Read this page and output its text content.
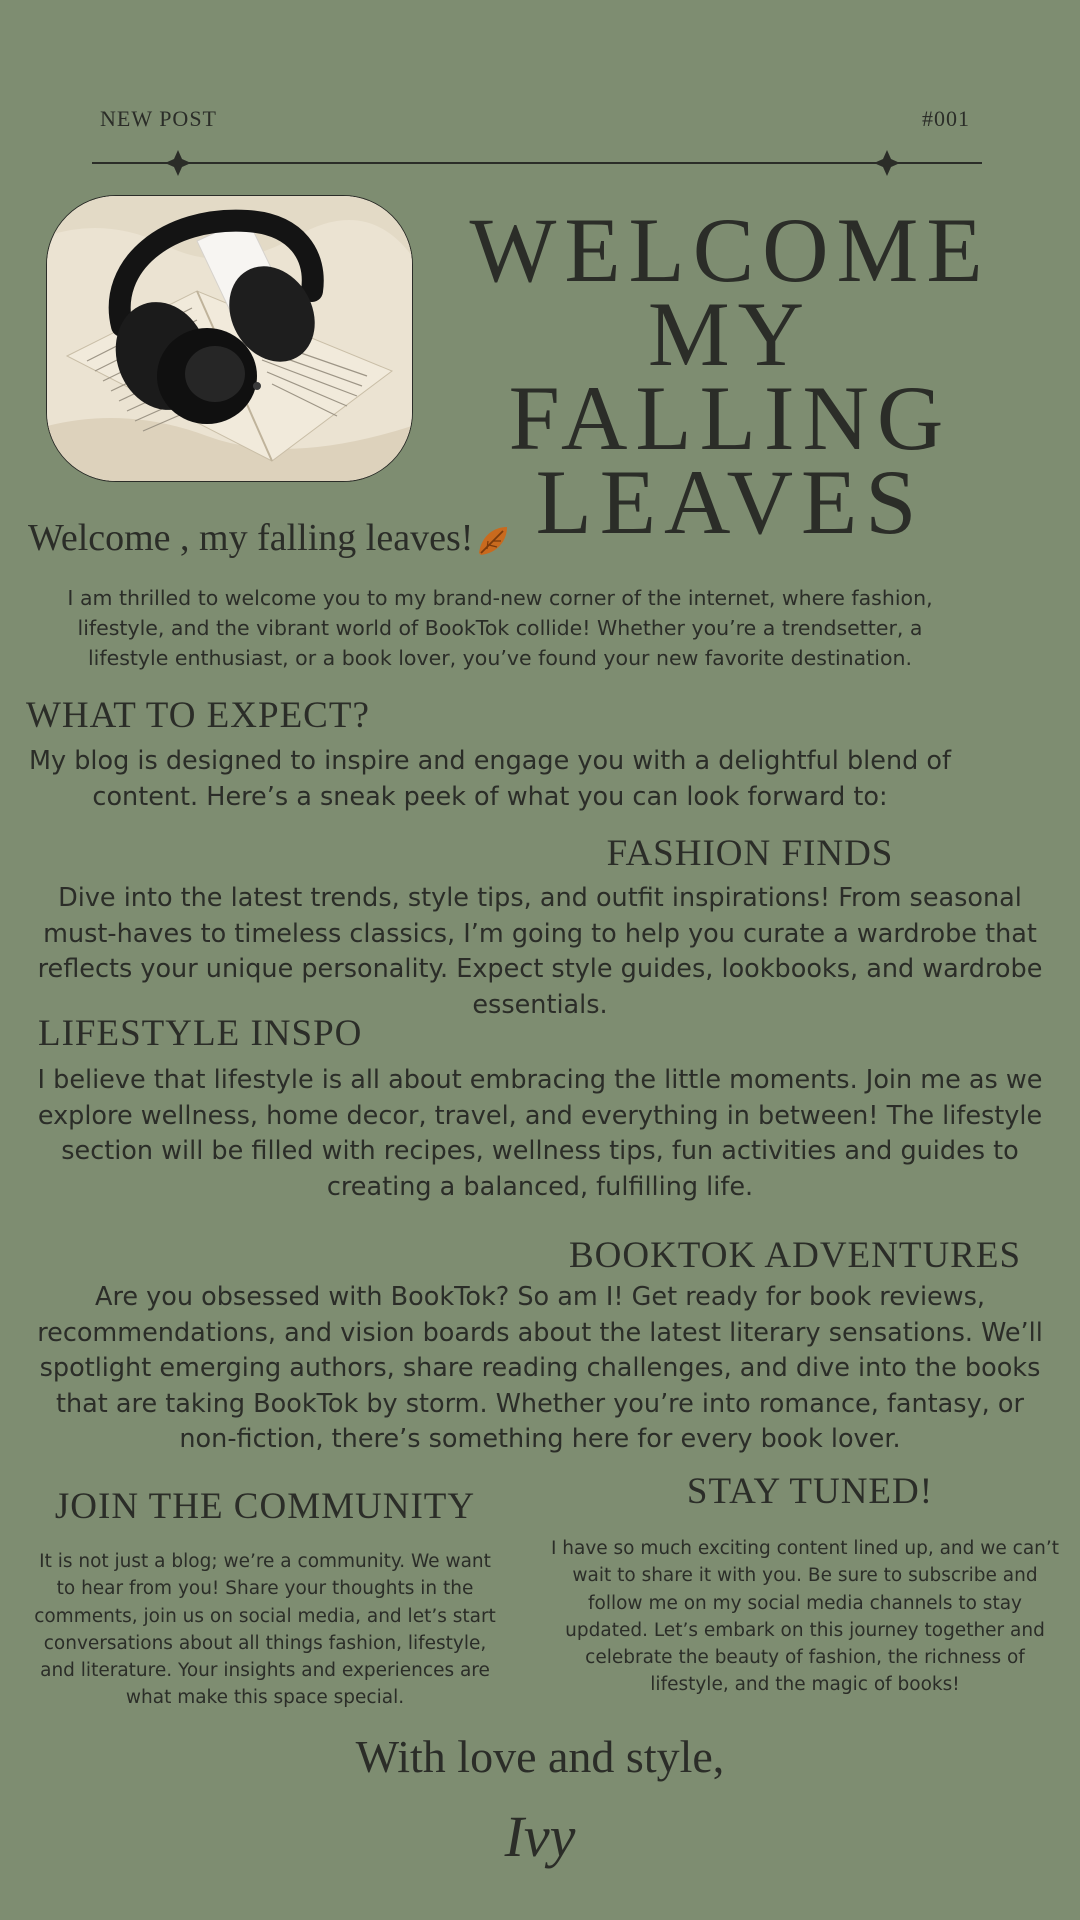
NEW POST	#001
WELCOME
MY FALLING
LEAVES
Welcome , my falling leaves!
I am thrilled to welcome you to my brand-new corner of the internet, where fashion, lifestyle, and the vibrant world of BookTok collide! Whether you’re a trendsetter, a lifestyle enthusiast, or a book lover, you’ve found your new favorite destination.
WHAT TO EXPECT?
My blog is designed to inspire and engage you with a delightful blend of content. Here’s a sneak peek of what you can look forward to:
FASHION FINDS
Dive into the latest trends, style tips, and outfit inspirations! From seasonal must-haves to timeless classics, I’m going to help you curate a wardrobe that reflects your unique personality. Expect style guides, lookbooks, and wardrobe essentials.
LIFESTYLE INSPO
I believe that lifestyle is all about embracing the little moments. Join me as we explore wellness, home decor, travel, and everything in between! The lifestyle section will be filled with recipes, wellness tips, fun activities and guides to creating a balanced, fulfilling life.
BOOKTOK ADVENTURES
Are you obsessed with BookTok? So am I! Get ready for book reviews, recommendations, and vision boards about the latest literary sensations. We’ll spotlight emerging authors, share reading challenges, and dive into the books that are taking BookTok by storm. Whether you’re into romance, fantasy, or non-fiction, there’s something here for every book lover.
JOIN THE COMMUNITY
It is not just a blog; we’re a community. We want to hear from you! Share your thoughts in the comments, join us on social media, and let’s start conversations about all things fashion, lifestyle, and literature. Your insights and experiences are what make this space special.
STAY TUNED!
I have so much exciting content lined up, and we can’t wait to share it with you. Be sure to subscribe and follow me on my social media channels to stay updated. Let’s embark on this journey together and celebrate the beauty of fashion, the richness of lifestyle, and the magic of books!
With love and style,
Ivy
